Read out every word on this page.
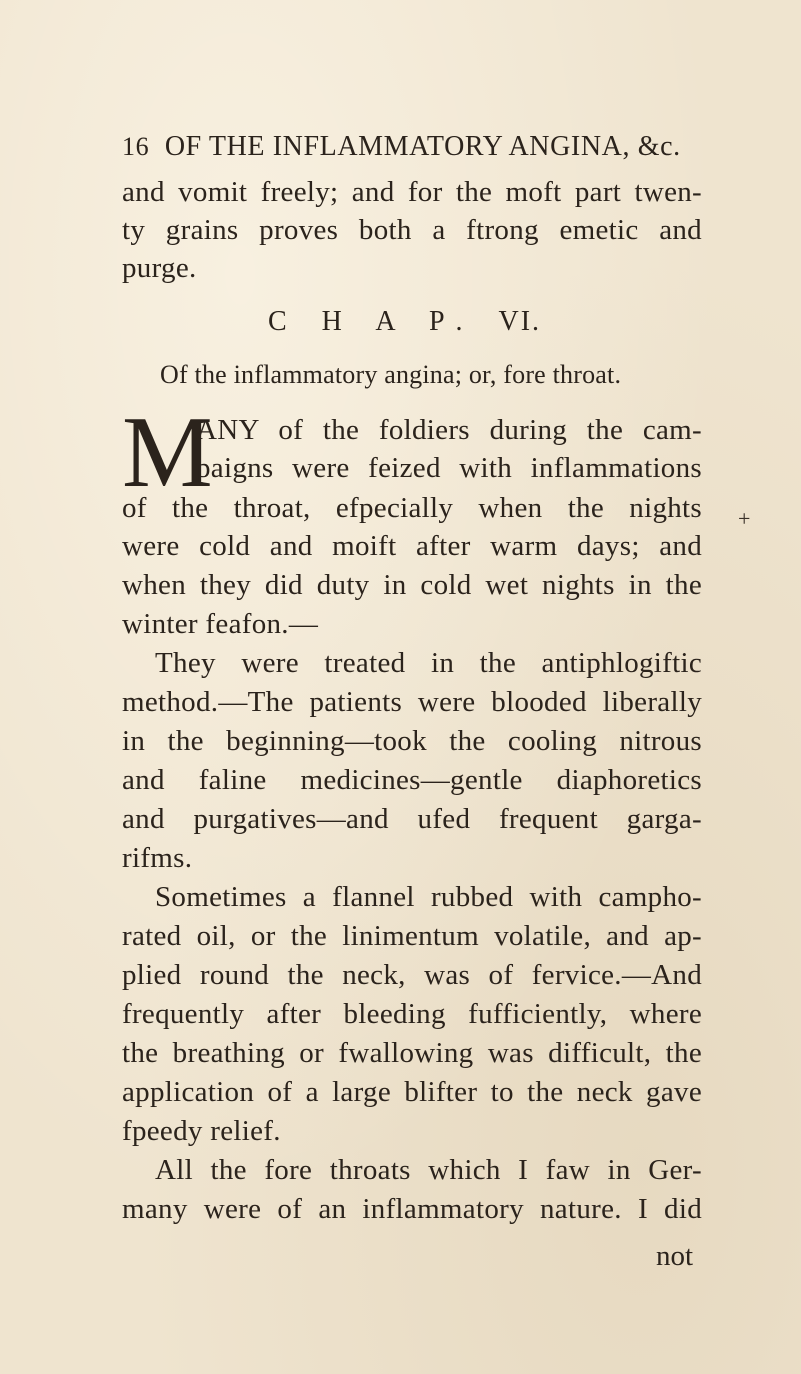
16 OF THE INFLAMMATORY ANGINA, &c.
and vomit freely; and for the moft part twen-
ty grains proves both a ftrong emetic and
purge.
C H A P. VI.
Of the inflammatory angina; or, fore throat.
M
ANY of the foldiers during the cam-
paigns were feized with inflammations
of the throat, efpecially when the nights +
were cold and moift after warm days; and
when they did duty in cold wet nights in the
winter feafon.—
They were treated in the antiphlogiftic
method.—The patients were blooded liberally
in the beginning—took the cooling nitrous
and faline medicines—gentle diaphoretics
and purgatives—and ufed frequent garga-
rifms.
Sometimes a flannel rubbed with campho-
rated oil, or the linimentum volatile, and ap-
plied round the neck, was of fervice.—And
frequently after bleeding fufficiently, where
the breathing or fwallowing was difficult, the
application of a large blifter to the neck gave
fpeedy relief.
All the fore throats which I faw in Ger-
many were of an inflammatory nature. I did
not
